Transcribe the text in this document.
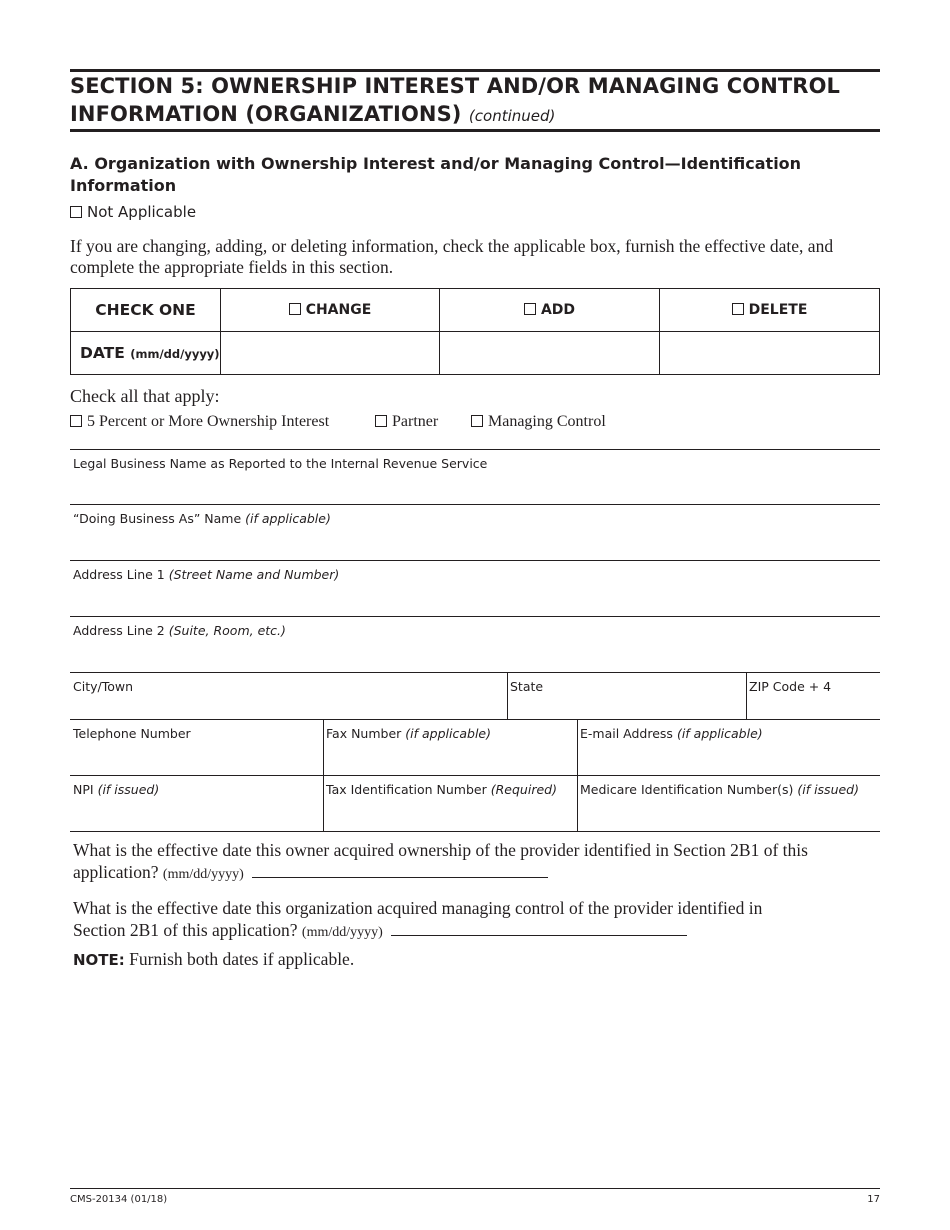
SECTION 5: OWNERSHIP INTEREST AND/OR MANAGING CONTROL
INFORMATION (ORGANIZATIONS) (continued)
A. Organization with Ownership Interest and/or Managing Control—Identification Information
Not Applicable
If you are changing, adding, or deleting information, check the applicable box, furnish the effective date, and complete the appropriate fields in this section.
CHECK ONE	CHANGE	ADD	DELETE
DATE (mm/dd/yyyy)			
Check all that apply:
5 Percent or More Ownership Interest	Partner	Managing Control
Legal Business Name as Reported to the Internal Revenue Service
“Doing Business As” Name (if applicable)
Address Line 1 (Street Name and Number)
Address Line 2 (Suite, Room, etc.)
City/Town	State	ZIP Code + 4
Telephone Number	Fax Number (if applicable)	E-mail Address (if applicable)
NPI (if issued)	Tax Identification Number (Required)	Medicare Identification Number(s) (if issued)
What is the effective date this owner acquired ownership of the provider identified in Section 2B1 of this
application? (mm/dd/yyyy)
What is the effective date this organization acquired managing control of the provider identified in
Section 2B1 of this application? (mm/dd/yyyy)
NOTE: Furnish both dates if applicable.
CMS-20134 (01/18)	17
